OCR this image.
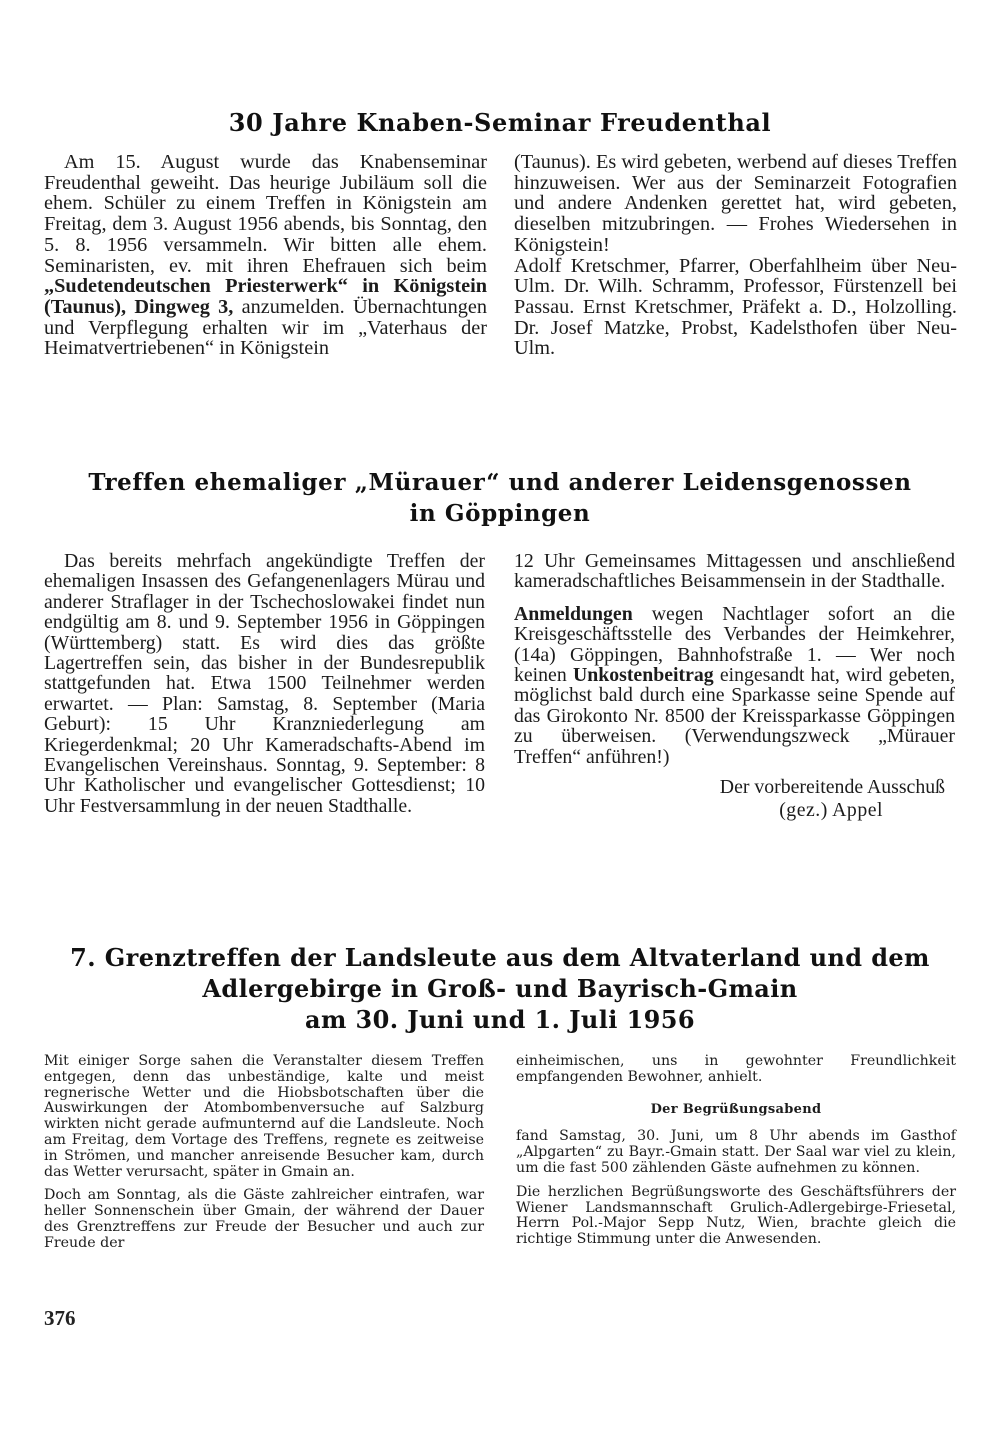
30 Jahre Knaben-Seminar Freudenthal

Am 15. August wurde das Knabenseminar Freudenthal geweiht. Das heurige Jubiläum soll die ehem. Schüler zu einem Treffen in Königstein am Freitag, dem 3. August 1956 abends, bis Sonntag, den 5. 8. 1956 versammeln. Wir bitten alle ehem. Seminaristen, ev. mit ihren Ehefrauen sich beim „Sudetendeutschen Priesterwerk“ in Königstein (Taunus), Dingweg 3, anzumelden. Übernachtungen und Verpflegung erhalten wir im „Vaterhaus der Heimatvertriebenen“ in Königstein

(Taunus). Es wird gebeten, werbend auf dieses Treffen hinzuweisen. Wer aus der Seminarzeit Fotografien und andere Andenken gerettet hat, wird gebeten, dieselben mitzubringen. — Frohes Wiedersehen in Königstein!

Adolf Kretschmer, Pfarrer, Oberfahlheim über Neu-Ulm. Dr. Wilh. Schramm, Professor, Fürstenzell bei Passau. Ernst Kretschmer, Präfekt a. D., Holzolling. Dr. Josef Matzke, Probst, Kadelsthofen über Neu-Ulm.

Treffen ehemaliger „Mürauer“ und anderer Leidensgenossen
in Göppingen

Das bereits mehrfach angekündigte Treffen der ehemaligen Insassen des Gefangenenlagers Mürau und anderer Straflager in der Tschechoslowakei findet nun endgültig am 8. und 9. September 1956 in Göppingen (Württemberg) statt. Es wird dies das größte Lagertreffen sein, das bisher in der Bundesrepublik stattgefunden hat. Etwa 1500 Teilnehmer werden erwartet. — Plan: Samstag, 8. September (Maria Geburt): 15 Uhr Kranzniederlegung am Kriegerdenkmal; 20 Uhr Kameradschafts-Abend im Evangelischen Vereinshaus. Sonntag, 9. September: 8 Uhr Katholischer und evangelischer Gottesdienst; 10 Uhr Festversammlung in der neuen Stadthalle.

12 Uhr Gemeinsames Mittagessen und anschließend kameradschaftliches Beisammensein in der Stadthalle.

Anmeldungen wegen Nachtlager sofort an die Kreisgeschäftsstelle des Verbandes der Heimkehrer, (14a) Göppingen, Bahnhofstraße 1. — Wer noch keinen Unkostenbeitrag eingesandt hat, wird gebeten, möglichst bald durch eine Sparkasse seine Spende auf das Girokonto Nr. 8500 der Kreissparkasse Göppingen zu überweisen. (Verwendungszweck „Mürauer Treffen“ anführen!)

Der vorbereitende Ausschuß

(gez.) Appel

7. Grenztreffen der Landsleute aus dem Altvaterland und dem
Adlergebirge in Groß- und Bayrisch-Gmain
am 30. Juni und 1. Juli 1956

Mit einiger Sorge sahen die Veranstalter diesem Treffen entgegen, denn das unbeständige, kalte und meist regnerische Wetter und die Hiobsbotschaften über die Auswirkungen der Atombombenversuche auf Salzburg wirkten nicht gerade aufmunternd auf die Landsleute. Noch am Freitag, dem Vortage des Treffens, regnete es zeitweise in Strömen, und mancher anreisende Besucher kam, durch das Wetter verursacht, später in Gmain an.

Doch am Sonntag, als die Gäste zahlreicher eintrafen, war heller Sonnenschein über Gmain, der während der Dauer des Grenztreffens zur Freude der Besucher und auch zur Freude der

einheimischen, uns in gewohnter Freundlichkeit empfangenden Bewohner, anhielt.

Der Begrüßungsabend

fand Samstag, 30. Juni, um 8 Uhr abends im Gasthof „Alpgarten“ zu Bayr.-Gmain statt. Der Saal war viel zu klein, um die fast 500 zählenden Gäste aufnehmen zu können.

Die herzlichen Begrüßungsworte des Geschäftsführers der Wiener Landsmannschaft Grulich-Adlergebirge-Friesetal, Herrn Pol.-Major Sepp Nutz, Wien, brachte gleich die richtige Stimmung unter die Anwesenden.

376
